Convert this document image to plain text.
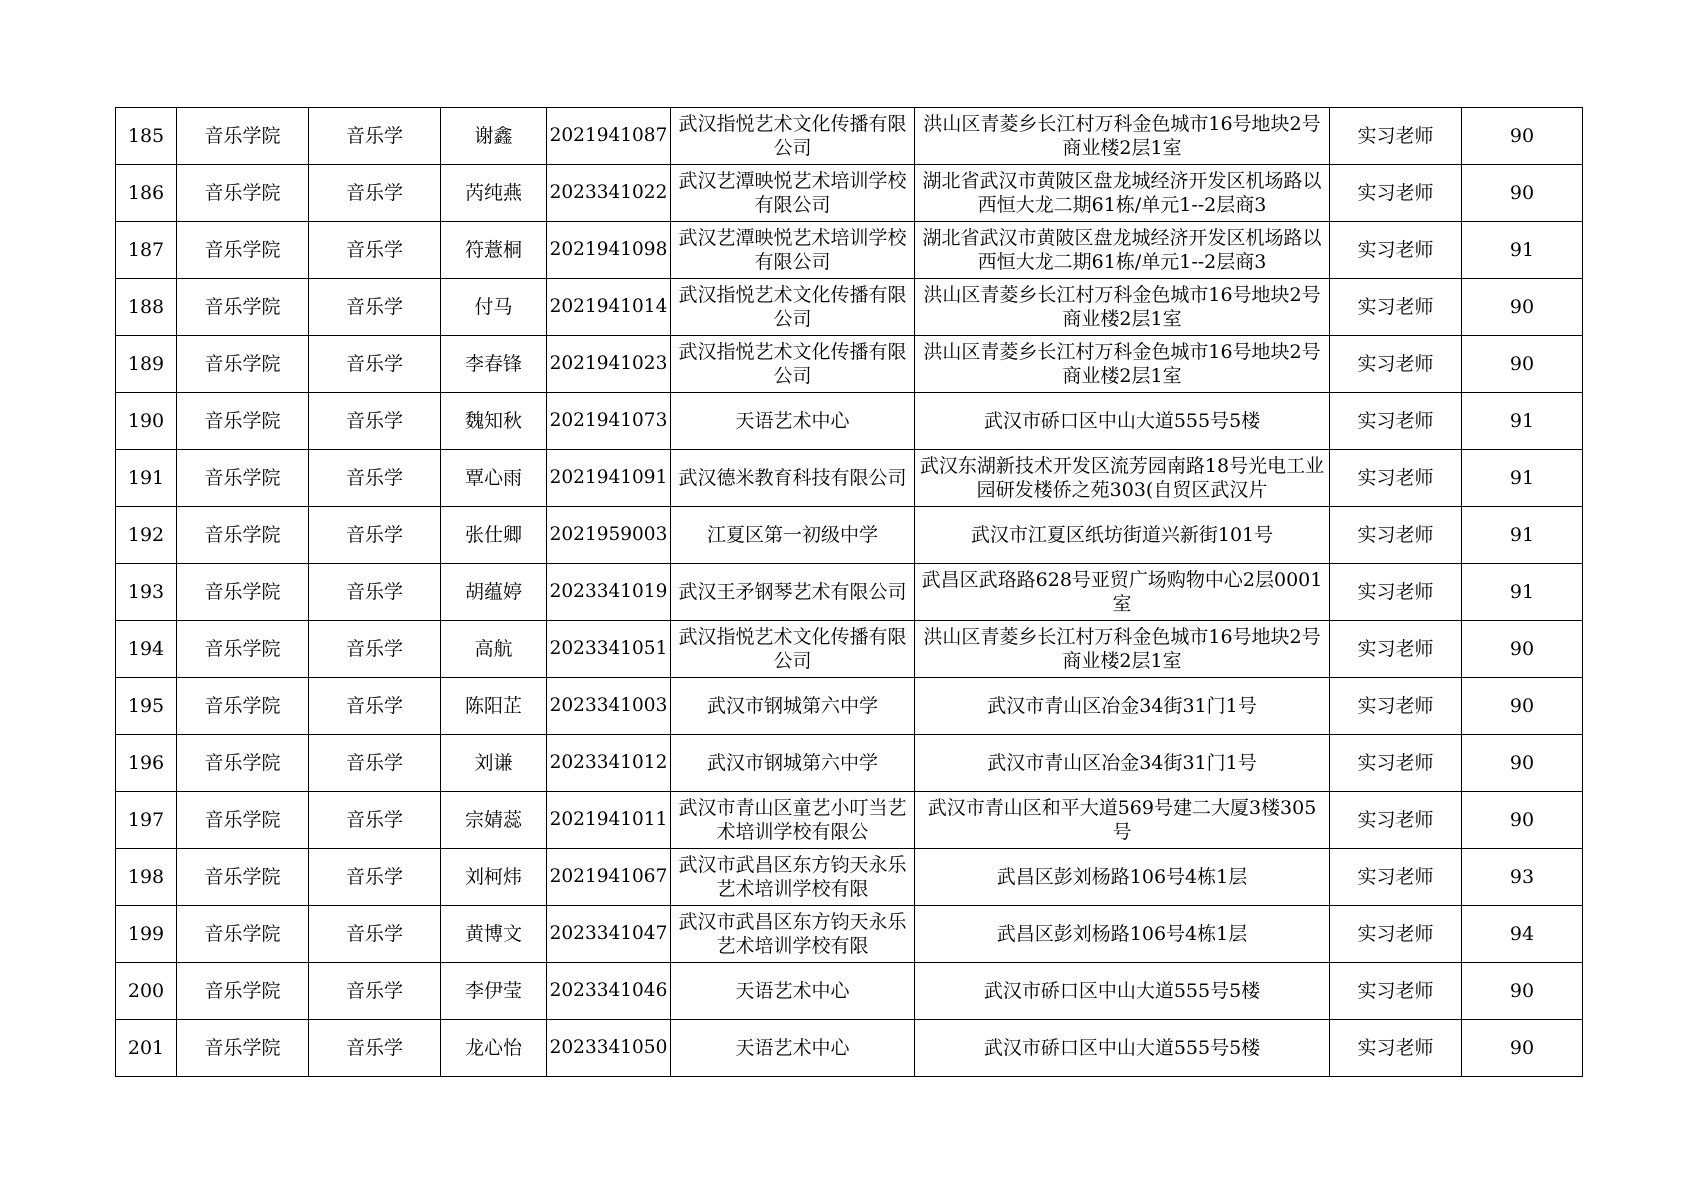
185	音乐学院	音乐学	谢鑫	2021941087	武汉指悦艺术文化传播有限公司	洪山区青菱乡长江村万科金色城市16号地块2号商业楼2层1室	实习老师	90
186	音乐学院	音乐学	芮纯燕	2023341022	武汉艺潭映悦艺术培训学校有限公司	湖北省武汉市黄陂区盘龙城经济开发区机场路以西恒大龙二期61栋/单元1--2层商3	实习老师	90
187	音乐学院	音乐学	符薏桐	2021941098	武汉艺潭映悦艺术培训学校有限公司	湖北省武汉市黄陂区盘龙城经济开发区机场路以西恒大龙二期61栋/单元1--2层商3	实习老师	91
188	音乐学院	音乐学	付马	2021941014	武汉指悦艺术文化传播有限公司	洪山区青菱乡长江村万科金色城市16号地块2号商业楼2层1室	实习老师	90
189	音乐学院	音乐学	李春锋	2021941023	武汉指悦艺术文化传播有限公司	洪山区青菱乡长江村万科金色城市16号地块2号商业楼2层1室	实习老师	90
190	音乐学院	音乐学	魏知秋	2021941073	天语艺术中心	武汉市硚口区中山大道555号5楼	实习老师	91
191	音乐学院	音乐学	覃心雨	2021941091	武汉德米教育科技有限公司	武汉东湖新技术开发区流芳园南路18号光电工业园研发楼侨之苑303(自贸区武汉片	实习老师	91
192	音乐学院	音乐学	张仕卿	2021959003	江夏区第一初级中学	武汉市江夏区纸坊街道兴新街101号	实习老师	91
193	音乐学院	音乐学	胡蕴婷	2023341019	武汉王矛钢琴艺术有限公司	武昌区武珞路628号亚贸广场购物中心2层0001室	实习老师	91
194	音乐学院	音乐学	高航	2023341051	武汉指悦艺术文化传播有限公司	洪山区青菱乡长江村万科金色城市16号地块2号商业楼2层1室	实习老师	90
195	音乐学院	音乐学	陈阳芷	2023341003	武汉市钢城第六中学	武汉市青山区冶金34街31门1号	实习老师	90
196	音乐学院	音乐学	刘谦	2023341012	武汉市钢城第六中学	武汉市青山区冶金34街31门1号	实习老师	90
197	音乐学院	音乐学	宗婧蕊	2021941011	武汉市青山区童艺小叮当艺术培训学校有限公	武汉市青山区和平大道569号建二大厦3楼305号	实习老师	90
198	音乐学院	音乐学	刘柯炜	2021941067	武汉市武昌区东方钧天永乐艺术培训学校有限	武昌区彭刘杨路106号4栋1层	实习老师	93
199	音乐学院	音乐学	黄博文	2023341047	武汉市武昌区东方钧天永乐艺术培训学校有限	武昌区彭刘杨路106号4栋1层	实习老师	94
200	音乐学院	音乐学	李伊莹	2023341046	天语艺术中心	武汉市硚口区中山大道555号5楼	实习老师	90
201	音乐学院	音乐学	龙心怡	2023341050	天语艺术中心	武汉市硚口区中山大道555号5楼	实习老师	90
